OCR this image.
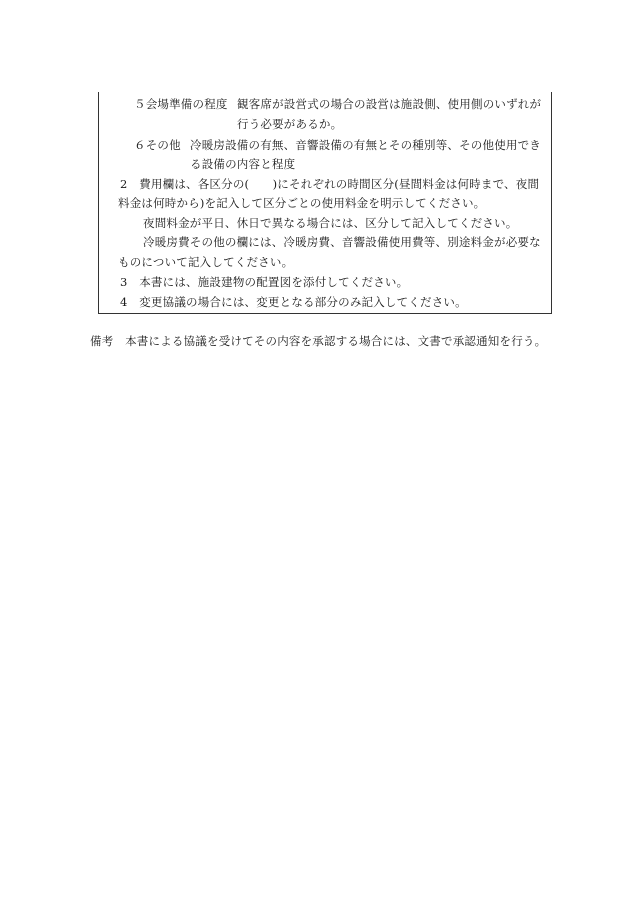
５会場準備の程度 観客席が設営式の場合の設営は施設側、使用側のいずれが
行う必要があるか。
６その他 冷暖房設備の有無、音響設備の有無とその種別等、その他使用でき
る設備の内容と程度
2　費用欄は、各区分の(　　)にそれぞれの時間区分(昼間料金は何時まで、夜間
料金は何時から)を記入して区分ごとの使用料金を明示してください。
夜間料金が平日、休日で異なる場合には、区分して記入してください。
冷暖房費その他の欄には、冷暖房費、音響設備使用費等、別途料金が必要な
ものについて記入してください。
3　本書には、施設建物の配置図を添付してください。
4　変更協議の場合には、変更となる部分のみ記入してください。
備考　本書による協議を受けてその内容を承認する場合には、文書で承認通知を行う。
